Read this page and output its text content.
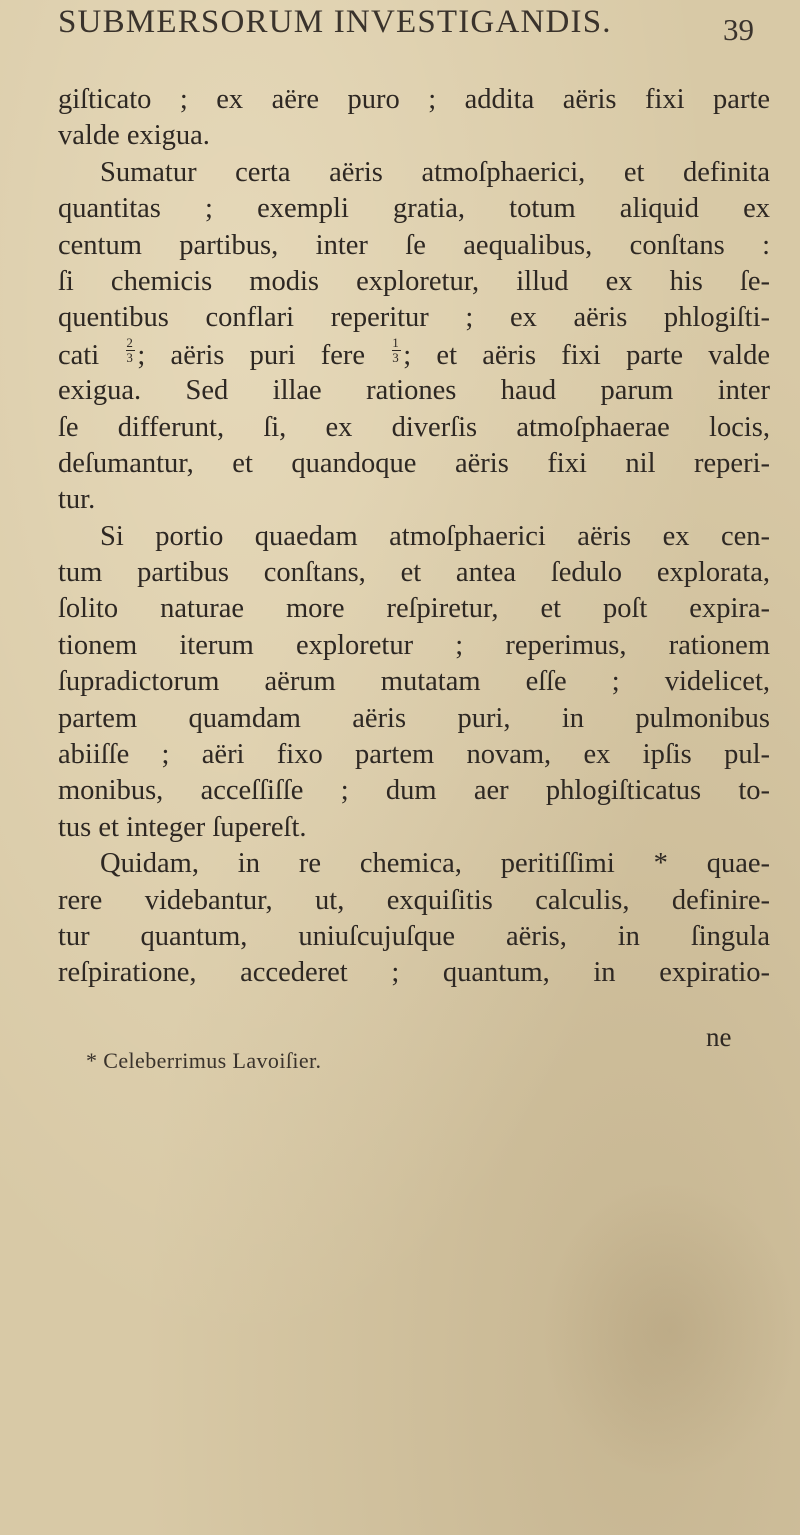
SUBMERSORUM INVESTIGANDIS.	39
giſticato ; ex aëre puro ; addita aëris fixi parte
valde exigua.
Sumatur certa aëris atmoſphaerici, et definita
quantitas ; exempli gratia, totum aliquid ex
centum partibus, inter ſe aequalibus, conſtans :
ſi chemicis modis exploretur, illud ex his ſe-
quentibus conflari reperitur ; ex aëris phlogiſti-
cati $\frac{2}{3}$ ; aëris puri fere $\frac{1}{3}$ ; et aëris fixi parte valde
exigua. Sed illae rationes haud parum inter
ſe differunt, ſi, ex diverſis atmoſphaerae locis,
deſumantur, et quandoque aëris fixi nil reperi-
tur.
Si portio quaedam atmoſphaerici aëris ex cen-
tum partibus conſtans, et antea ſedulo explorata,
ſolito naturae more reſpiretur, et poſt expira-
tionem iterum exploretur ; reperimus, rationem
ſupradictorum aërum mutatam eſſe ; videlicet,
partem quamdam aëris puri, in pulmonibus
abiiſſe ; aëri fixo partem novam, ex ipſis pul-
monibus, acceſſiſſe ; dum aer phlogiſticatus to-
tus et integer ſupereſt.
Quidam, in re chemica, peritiſſimi * quae-
rere videbantur, ut, exquiſitis calculis, definire-
tur quantum, uniuſcujuſque aëris, in ſingula
reſpiratione, accederet ; quantum, in expiratio-
ne
* Celeberrimus Lavoiſier.
